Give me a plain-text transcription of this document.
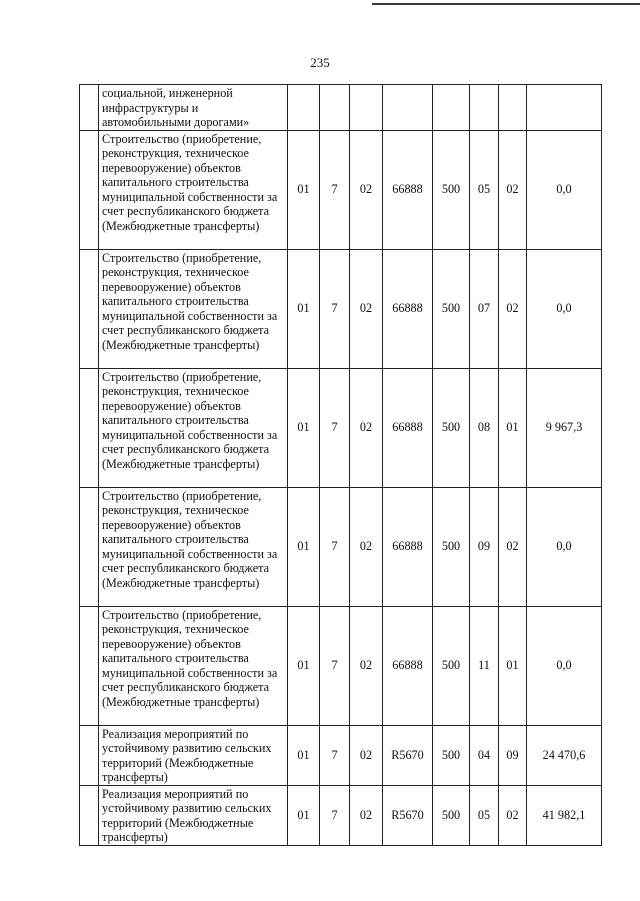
235
	социальной, инженерной инфраструктуры и автомобильными дорогами»								
	Строительство (приобретение, реконструкция, техническое перевооружение) объектов капитального строительства муниципальной собственности за счет республиканского бюджета (Межбюджетные трансферты)	01	7	02	66888	500	05	02	0,0
	Строительство (приобретение, реконструкция, техническое перевооружение) объектов капитального строительства муниципальной собственности за счет республиканского бюджета (Межбюджетные трансферты)	01	7	02	66888	500	07	02	0,0
	Строительство (приобретение, реконструкция, техническое перевооружение) объектов капитального строительства муниципальной собственности за счет республиканского бюджета (Межбюджетные трансферты)	01	7	02	66888	500	08	01	9 967,3
	Строительство (приобретение, реконструкция, техническое перевооружение) объектов капитального строительства муниципальной собственности за счет республиканского бюджета (Межбюджетные трансферты)	01	7	02	66888	500	09	02	0,0
	Строительство (приобретение, реконструкция, техническое перевооружение) объектов капитального строительства муниципальной собственности за счет республиканского бюджета (Межбюджетные трансферты)	01	7	02	66888	500	11	01	0,0
	Реализация мероприятий по устойчивому развитию сельских территорий (Межбюджетные трансферты)	01	7	02	R5670	500	04	09	24 470,6
	Реализация мероприятий по устойчивому развитию сельских территорий (Межбюджетные трансферты)	01	7	02	R5670	500	05	02	41 982,1
